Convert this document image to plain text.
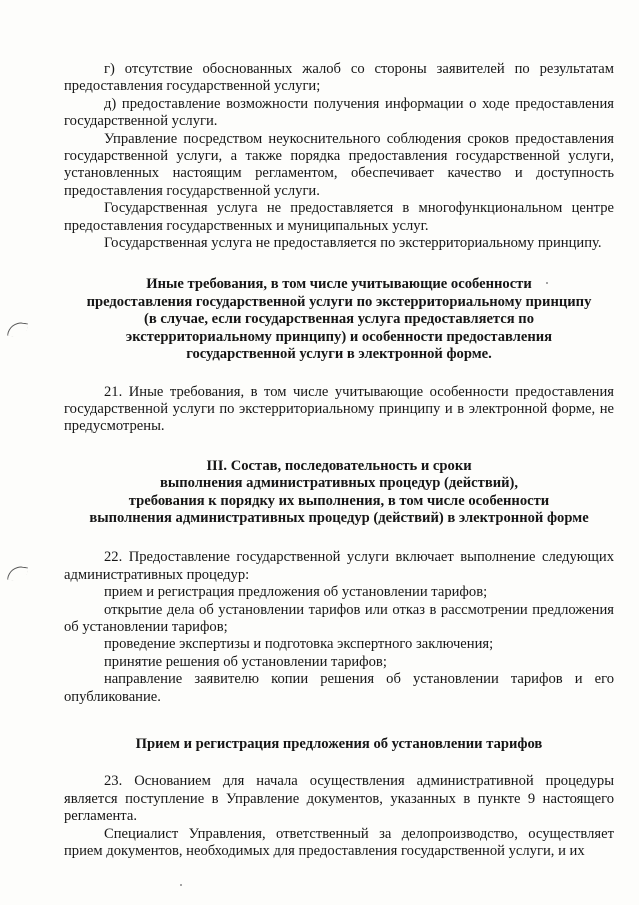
г) отсутствие обоснованных жалоб со стороны заявителей по результатам предоставления государственной услуги;

д) предоставление возможности получения информации о ходе предоставления государственной услуги.

Управление посредством неукоснительного соблюдения сроков предоставления государственной услуги, а также порядка предоставления государственной услуги, установленных настоящим регламентом, обеспечивает качество и доступность предоставления государственной услуги.

Государственная услуга не предоставляется в многофункциональном центре предоставления государственных и муниципальных услуг.

Государственная услуга не предоставляется по экстерриториальному принципу.

Иные требования, в том числе учитывающие особенности
предоставления государственной услуги по экстерриториальному принципу
(в случае, если государственная услуга предоставляется по
экстерриториальному принципу) и особенности предоставления
государственной услуги в электронной форме.

21. Иные требования, в том числе учитывающие особенности предоставления государственной услуги по экстерриториальному принципу и в электронной форме, не предусмотрены.

III. Состав, последовательность и сроки
выполнения административных процедур (действий),
требования к порядку их выполнения, в том числе особенности
выполнения административных процедур (действий) в электронной форме

22. Предоставление государственной услуги включает выполнение следующих административных процедур:

прием и регистрация предложения об установлении тарифов;

открытие дела об установлении тарифов или отказ в рассмотрении предложения об установлении тарифов;

проведение экспертизы и подготовка экспертного заключения;

принятие решения об установлении тарифов;

направление заявителю копии решения об установлении тарифов и его опубликование.

Прием и регистрация предложения об установлении тарифов

23. Основанием для начала осуществления административной процедуры является поступление в Управление документов, указанных в пункте 9 настоящего регламента.

Специалист Управления, ответственный за делопроизводство, осуществляет прием документов, необходимых для предоставления государственной услуги, и их
